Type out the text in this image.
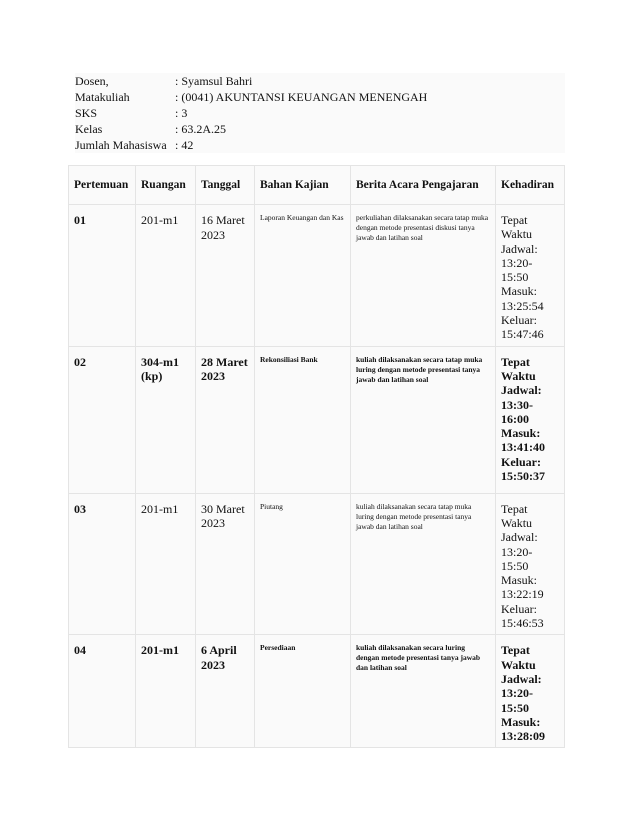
Dosen,	: Syamsul Bahri
Matakuliah	: (0041) AKUNTANSI KEUANGAN MENENGAH
SKS	: 3
Kelas	: 63.2A.25
Jumlah Mahasiswa : 42
Pertemuan	Ruangan	Tanggal	Bahan Kajian	Berita Acara Pengajaran	Kehadiran
01	201-m1	16 Maret 2023	Laporan Keuangan dan Kas	perkuliahan dilaksanakan secara tatap muka dengan metode presentasi diskusi tanya jawab dan latihan soal	Tepat Waktu Jadwal: 13:20-15:50 Masuk: 13:25:54 Keluar: 15:47:46
02	304-m1 (kp)	28 Maret 2023	Rekonsiliasi Bank	kuliah dilaksanakan secara tatap muka luring dengan metode presentasi tanya jawab dan latihan soal	Tepat Waktu Jadwal: 13:30-16:00 Masuk: 13:41:40 Keluar: 15:50:37
03	201-m1	30 Maret 2023	Piutang	kuliah dilaksanakan secara tatap muka luring dengan metode presentasi tanya jawab dan latihan soal	Tepat Waktu Jadwal: 13:20-15:50 Masuk: 13:22:19 Keluar: 15:46:53
04	201-m1	6 April 2023	Persediaan	kuliah dilaksanakan secara luring dengan metode presentasi tanya jawab dan latihan soal	Tepat Waktu Jadwal: 13:20-15:50 Masuk: 13:28:09
